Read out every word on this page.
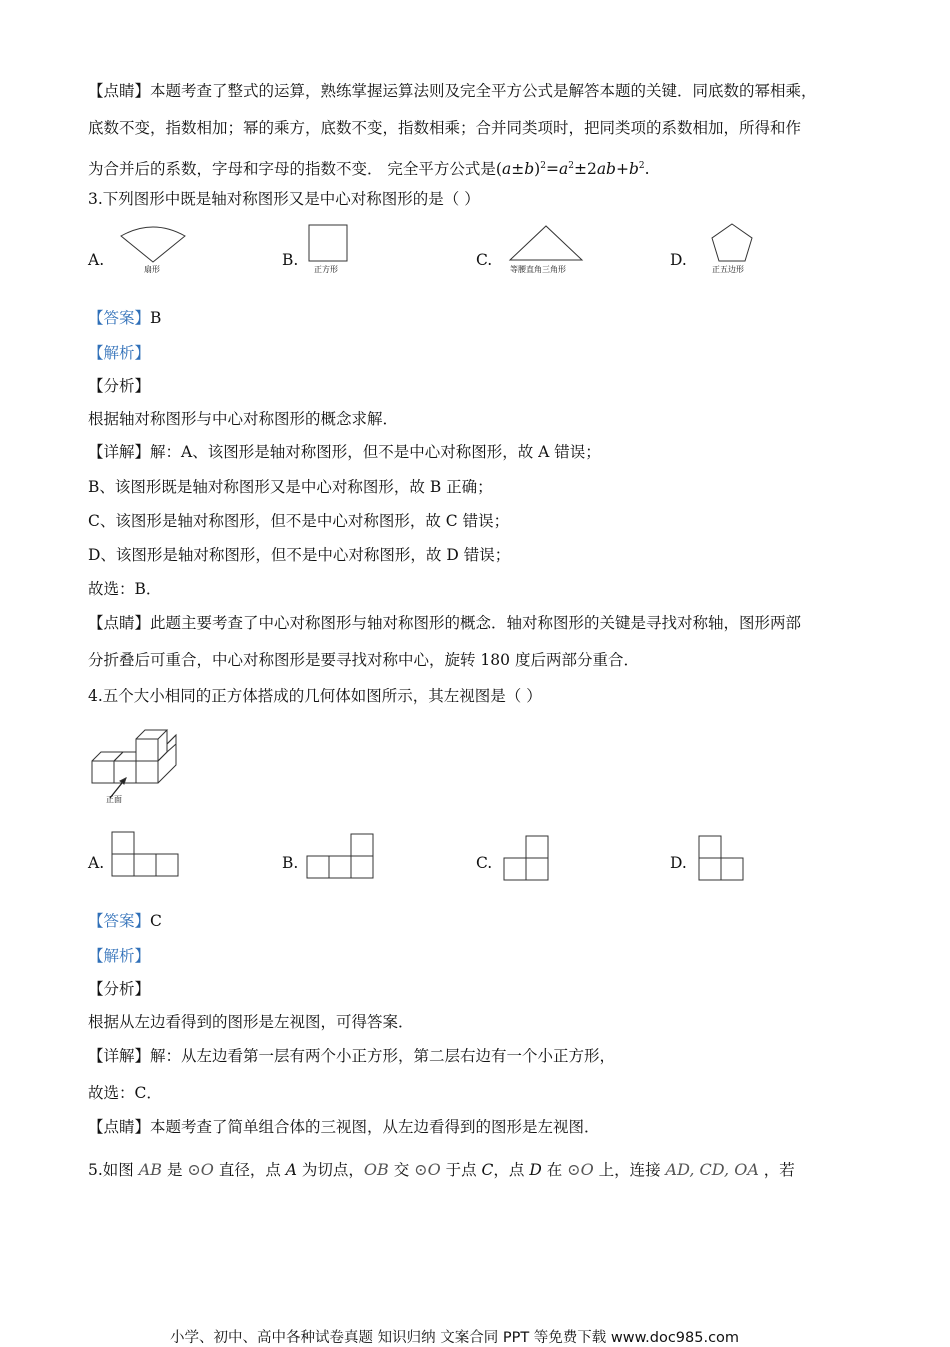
【点睛】本题考查了整式的运算，熟练掌握运算法则及完全平方公式是解答本题的关键．同底数的幂相乘，
底数不变，指数相加；幂的乘方，底数不变，指数相乘；合并同类项时，把同类项的系数相加，所得和作
为合并后的系数，字母和字母的指数不变． 完全平方公式是$(a\pm b)^2=a^2\pm 2ab+b^2$.
3.下列图形中既是轴对称图形又是中心对称图形的是（ ）
A.
扇形
B.
正方形
C.
等腰直角三角形
D.
正五边形
【答案】B
【解析】
【分析】
根据轴对称图形与中心对称图形的概念求解．
【详解】解：A、该图形是轴对称图形，但不是中心对称图形，故 A 错误；
B、该图形既是轴对称图形又是中心对称图形，故 B 正确；
C、该图形是轴对称图形，但不是中心对称图形，故 C 错误；
D、该图形是轴对称图形，但不是中心对称图形，故 D 错误；
故选：B．
【点睛】此题主要考查了中心对称图形与轴对称图形的概念．轴对称图形的关键是寻找对称轴，图形两部
分折叠后可重合，中心对称图形是要寻找对称中心，旋转 180 度后两部分重合．
4.五个大小相同的正方体搭成的几何体如图所示，其左视图是（ ）
正面
A.	B.	C.	D.
【答案】C
【解析】
【分析】
根据从左边看得到的图形是左视图，可得答案．
【详解】解：从左边看第一层有两个小正方形，第二层右边有一个小正方形，
故选：C．
【点睛】本题考查了简单组合体的三视图，从左边看得到的图形是左视图．
5.如图 AB 是 ⊙O 直径，点 A 为切点，OB 交 ⊙O 于点 C，点 D 在 ⊙O 上，连接 AD, CD, OA ，若
小学、初中、高中各种试卷真题 知识归纳 文案合同 PPT 等免费下载 www.doc985.com
